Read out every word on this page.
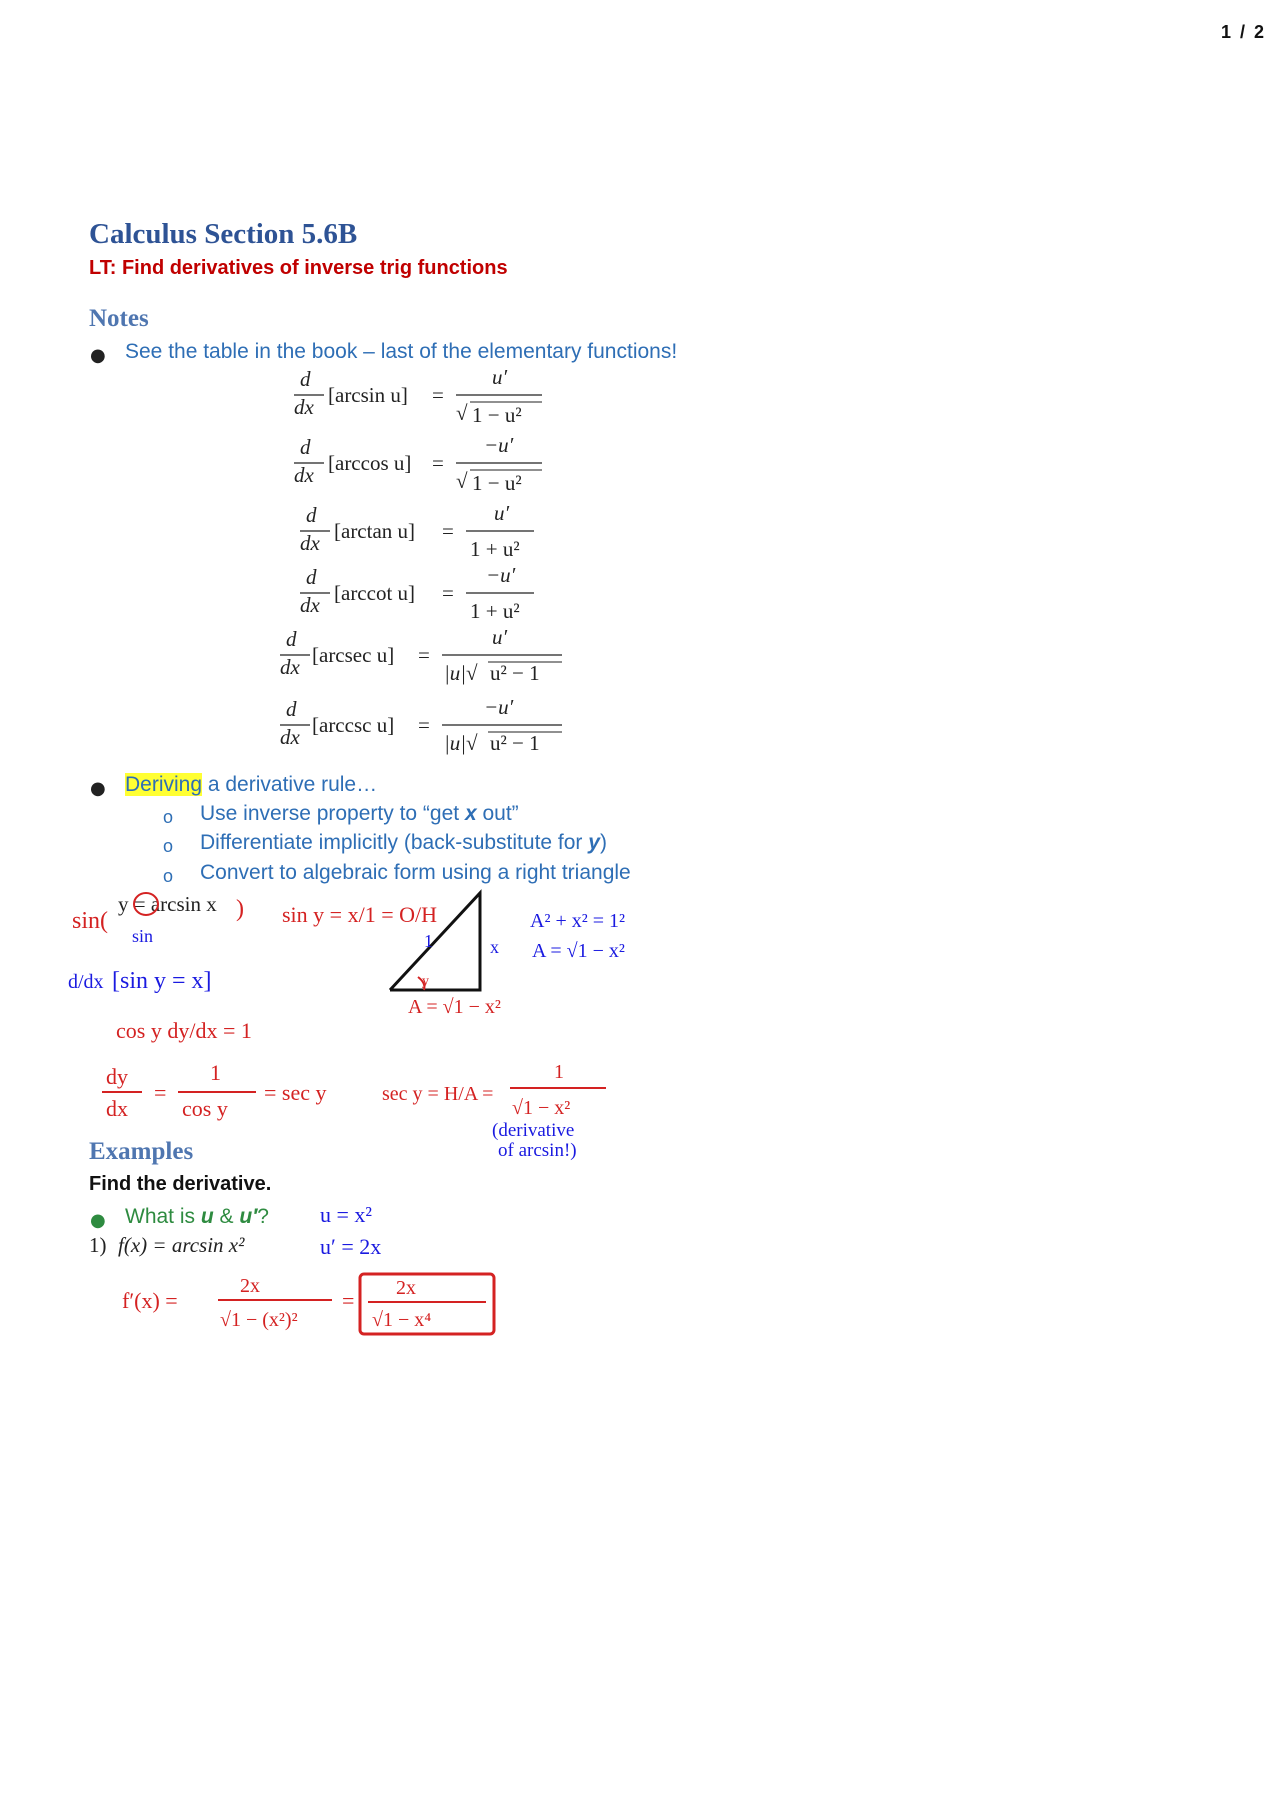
1 / 2
Calculus Section 5.6B
LT: Find derivatives of inverse trig functions
Notes
● See the table in the book – last of the elementary functions!
d
dx [arcsin u] =
u′
√ 1 − u²
d
dx [arccos u] =
−u′
√ 1 − u²
d
dx [arctan u] =
u′
1 + u²
d
dx [arccot u] =
−u′
1 + u²
d
dx [arcsec u] =
u′
|u|√ u² − 1
d
dx [arccsc u] =
−u′
|u|√ u² − 1
● Deriving a derivative rule…
o Use inverse property to “get x out”
o Differentiate implicitly (back-substitute for y)
o Convert to algebraic form using a right triangle
y = arcsin x
sin(
sin
) sin y = x/1 = O/H
d/dx [sin y = x]
cos y dy/dx = 1
dy
dx
=
1
cos y
= sec y	sec y = H/A =
1
√1 − x²
(derivative
of arcsin!)
1	x
y
A = √1 − x²
A² + x² = 1²
A = √1 − x²
Examples
Find the derivative.
● What is u & u′?
1) f(x) = arcsin x²
u = x²
u′ = 2x
f′(x) =
2x
√1 − (x²)²
= 2x
√1 − x⁴
